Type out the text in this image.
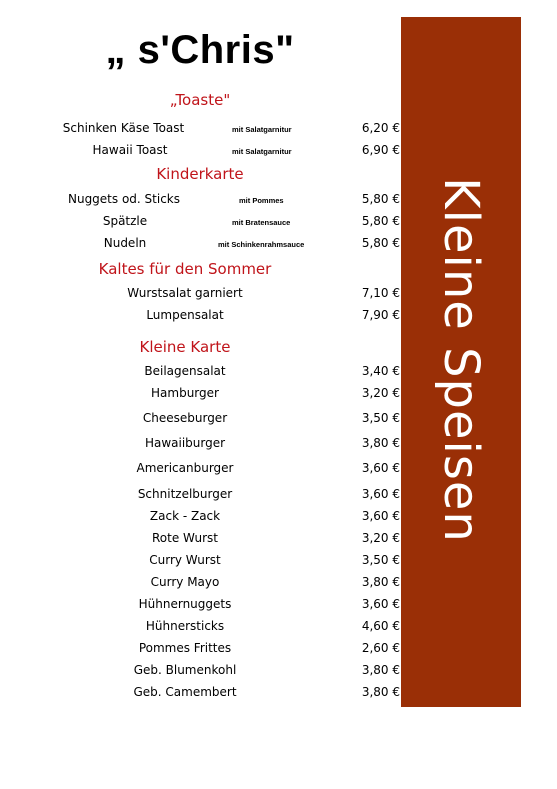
„ s'Chris"
„Toaste"
Schinken Käse Toast	mit Salatgarnitur	6,20 €
Hawaii Toast	mit Salatgarnitur	6,90 €
Kinderkarte
Nuggets od. Sticks	mit Pommes	5,80 €
Spätzle	mit Bratensauce	5,80 €
Nudeln	mit Schinkenrahmsauce	5,80 €
Kaltes für den Sommer
Wurstsalat garniert	7,10 €
Lumpensalat	7,90 €
Kleine Karte
Beilagensalat	3,40 €
Hamburger	3,20 €
Cheeseburger	3,50 €
Hawaiiburger	3,80 €
Americanburger	3,60 €
Schnitzelburger	3,60 €
Zack - Zack	3,60 €
Rote Wurst	3,20 €
Curry Wurst	3,50 €
Curry Mayo	3,80 €
Hühnernuggets	3,60 €
Hühnersticks	4,60 €
Pommes Frittes	2,60 €
Geb. Blumenkohl	3,80 €
Geb. Camembert	3,80 €
Kleine Speisen
